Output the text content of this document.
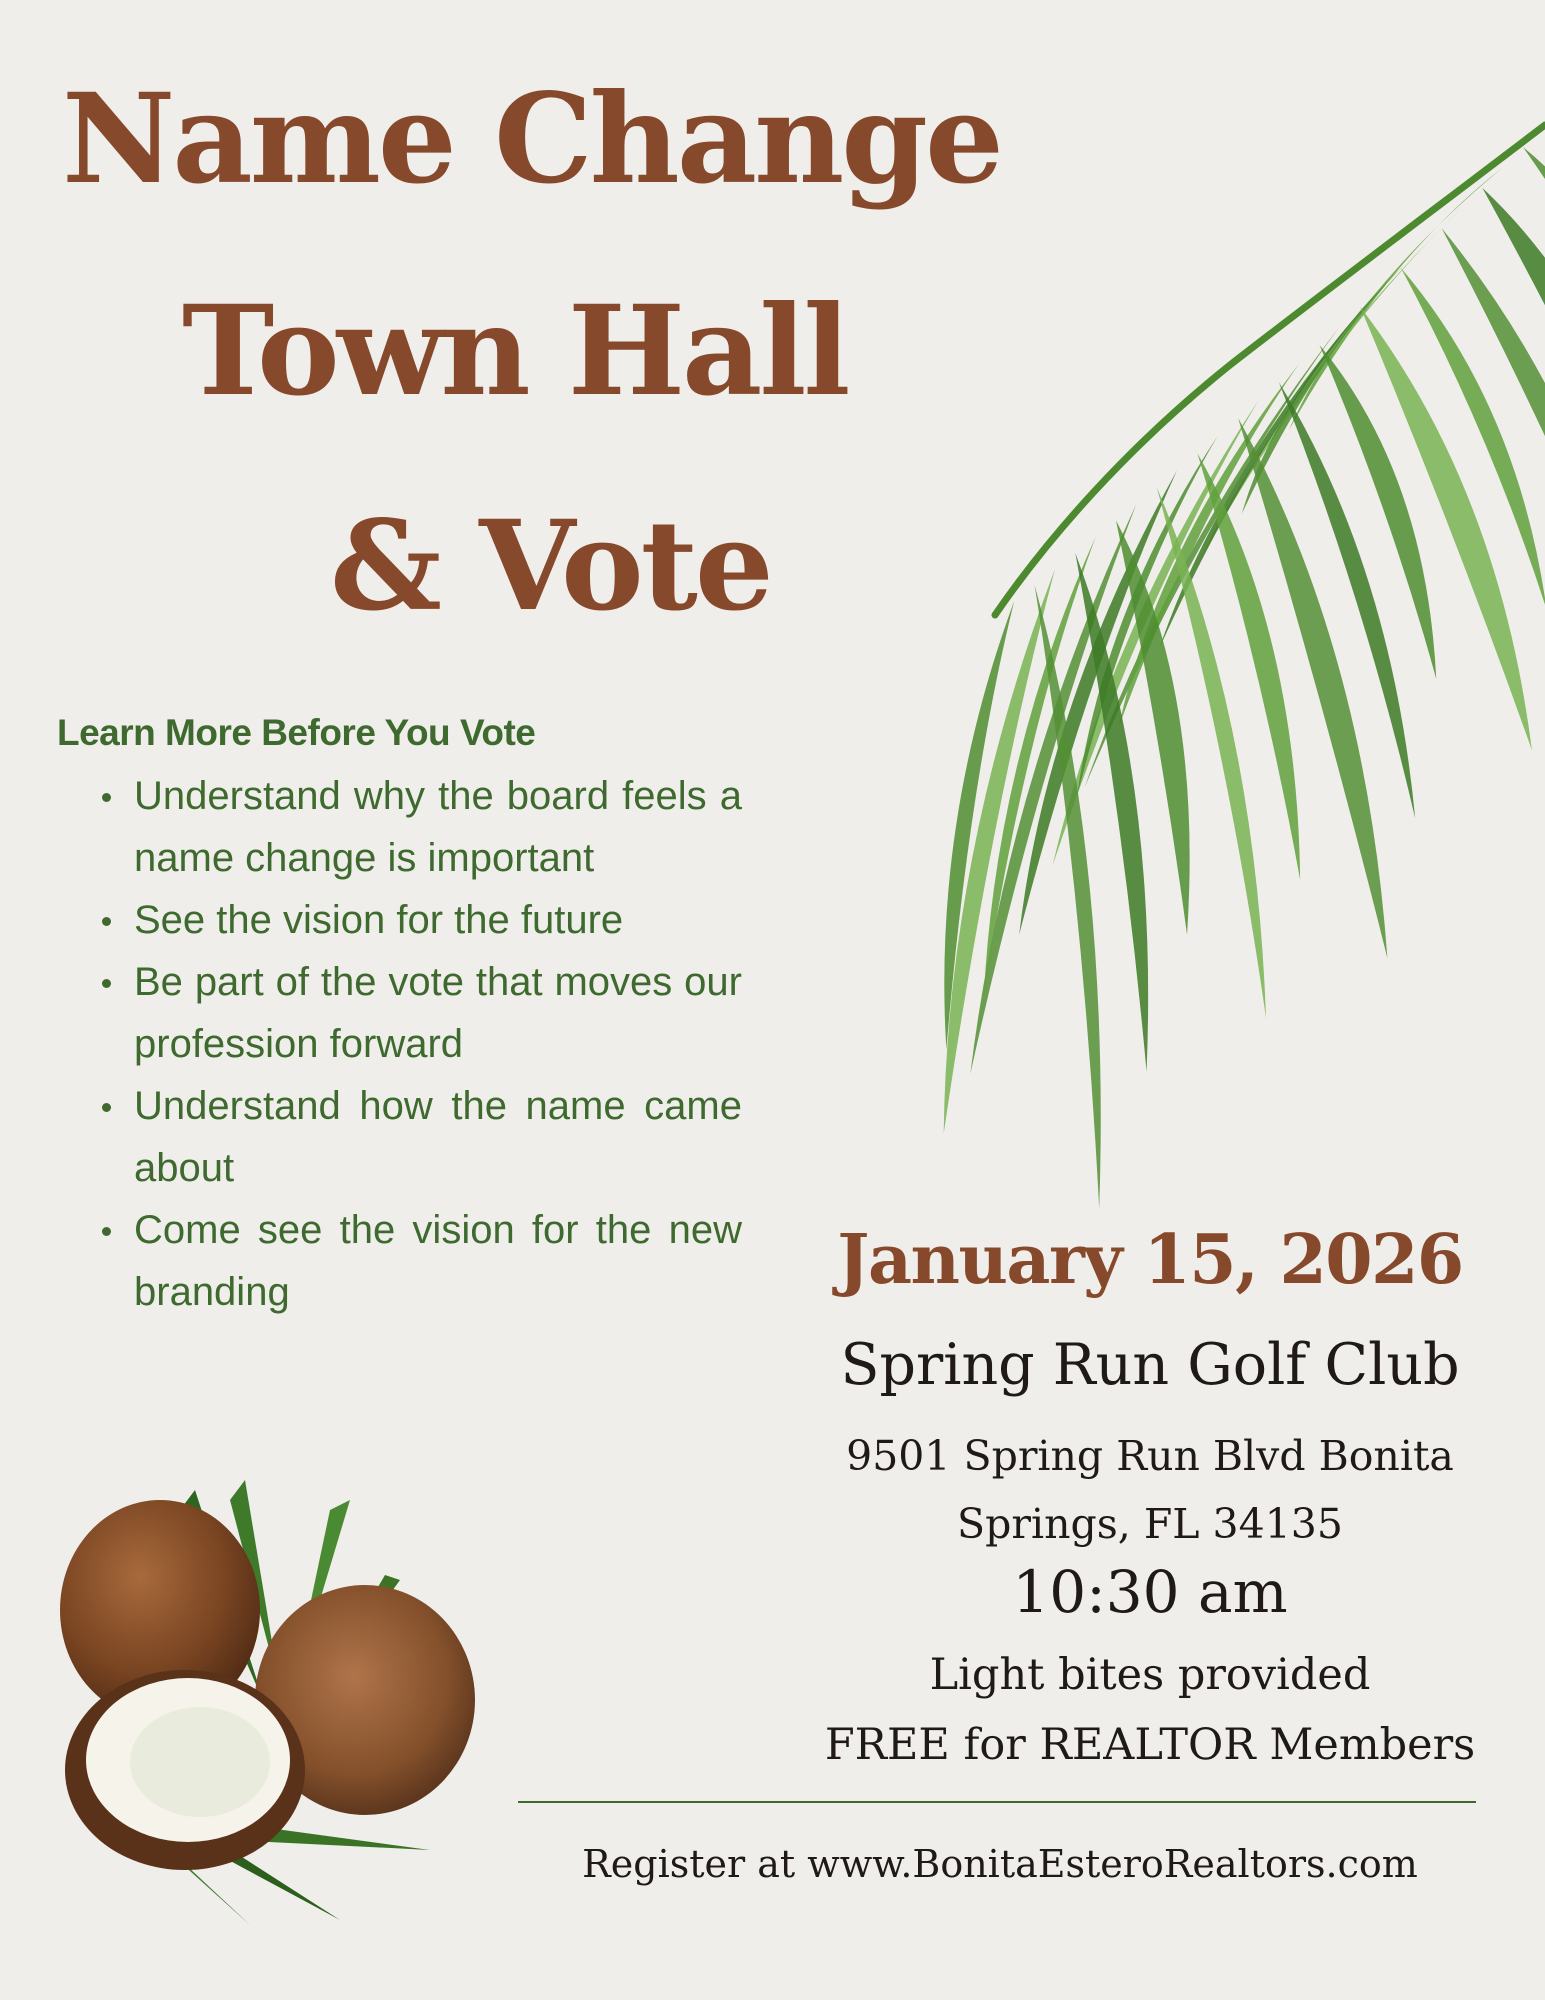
Name Change
Town Hall
& Vote
Learn More Before You Vote
Understand why the board feels a name change is important
See the vision for the future
Be part of the vote that moves our profession forward
Understand how the name came about
Come see the vision for the new branding	January 15, 2026
Spring Run Golf Club
9501 Spring Run Blvd Bonita
Springs, FL 34135
10:30 am
Light bites provided
FREE for REALTOR Members
Register at www.BonitaEsteroRealtors.com
